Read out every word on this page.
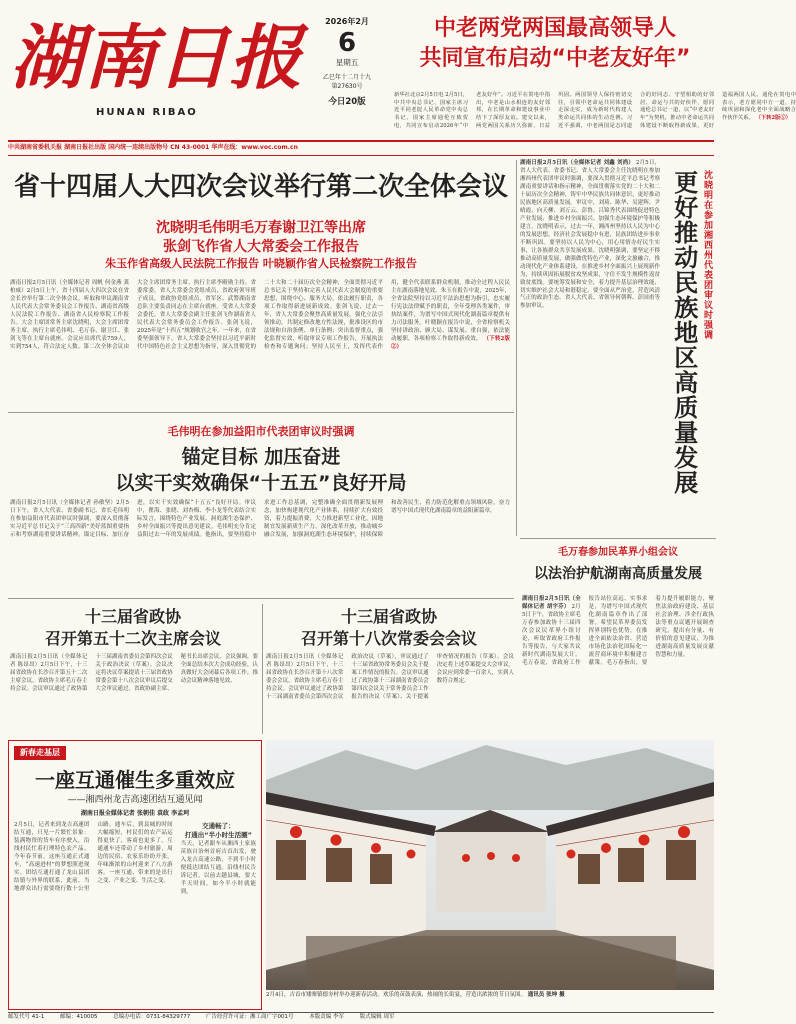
湖南日报
HUNAN RIBAO
2026年2月
6
星期五
乙巳年十二月十九
第27630号
今日20版
中老两党两国最高领导人
共同宣布启动“中老友好年”
新华社北京2月5日电 2月5日，中共中央总书记、国家主席习近平同老挝人民革命党中央总书记、国家主席通伦互致贺电，共同宣布启动2026年“中老友好年”。习近平在贺电中指出，中老是山水相连的友好邻邦，在长期革命和建设事业中结下了深厚友谊。建交以来，两党两国关系历久弥新、日益巩固。两国领导人保持密切交往，引领中老命运共同体建设走深走实，成为新时代构建人类命运共同体的生动范例。习近平强调，中老两国是志同道合的好同志、守望相助的好邻居、命运与共的好伙伴，愿同通伦总书记一道，以“中老友好年”为契机，推动中老命运共同体建设不断取得新成果，更好造福两国人民。通伦在贺电中表示，老方愿同中方一道，持续巩固和深化老中全面战略合作伙伴关系。 （下转2版①）
中共湖南省委机关报 湖南日报社出版 国内统一连续出版物号 CN 43-0001 华声在线：www.voc.com.cn
省十四届人大四次会议举行第二次全体会议
沈晓明毛伟明毛万春谢卫江等出席
张剑飞作省人大常委会工作报告
朱玉作省高级人民法院工作报告 叶晓颖作省人民检察院工作报告
湖南日报2月5日讯（全媒体记者 周帆 何金燕 龚柏威）2月5日上午，省十四届人大四次会议在省会长沙举行第二次全体会议，听取和审议湖南省人民代表大会常务委员会工作报告、湖南省高级人民法院工作报告、湖南省人民检察院工作报告。大会主席团常务主席沈晓明，大会主席团常务主席、执行主席毛伟明、毛万春、谢卫江、张剑飞等在主席台就座。会议应出席代表759人，实到754人，符合法定人数。第二次全体会议由大会主席团常务主席、执行主席李殿勋主持。省委常委，省人大常委会党组成员，省政府领导班子成员，省政协党组成员，省军区、武警湖南省总队主要负责同志在主席台就座。受省人大常委会委托，省人大常委会副主任张剑飞作湖南省人民代表大会常务委员会工作报告。张剑飞说，2025年是“十四五”规划收官之年。一年来，在省委坚强领导下，省人大常委会坚持以习近平新时代中国特色社会主义思想为指导，深入贯彻党的二十大和二十届历次全会精神，全面贯彻习近平总书记关于坚持和完善人民代表大会制度的重要思想，围绕中心、服务大局，依法履行职责，各项工作取得新进展新成效。张剑飞说，过去一年，省人大常委会聚焦高质量发展，强化立法引领推动，共制定修改地方性法规，批准设区的市法规和自治条例、单行条例；突出监督重点，强化监督实效，听取审议专项工作报告，开展执法检查和专题询问；坚持人民至上，发挥代表作用，健全代表联系群众机制，推动全过程人民民主在湖南落地见效。朱玉在报告中说，2025年，全省法院坚持以习近平法治思想为指引，忠实履行宪法法律赋予的职责，全年受理各类案件，审执结案件，为谱写中国式现代化湖南篇章提供有力司法服务。叶晓颖在报告中说，全省检察机关坚持讲政治、顾大局、谋发展、重自强，依法能动履职，各项检察工作取得新成效。 （下转2版②）
沈晓明在参加湘西州代表团审议时强调
更好推动民族地区高质量发展
湖南日报2月5日讯（全媒体记者 刘鑫 刘尚） 2月5日，省人大代表、省委书记、省人大常委会主任沈晓明在参加湘西州代表团审议时强调，要深入贯彻习近平总书记考察湖南重要讲话和指示精神，全面贯彻落实党的二十大和二十届历次全会精神，铸牢中华民族共同体意识，更好推动民族地区高质量发展。审议中，刘琦、陈华、吴建辉、尹晴霞、向天柳、刘万云、彭鲁、吕锦秀代表围绕促进特色产业发展、推进乡村全面振兴、加强生态环境保护等积极建言。沈晓明表示，过去一年，湘西州坚持以人民为中心的发展思想，经济社会发展稳中有进，民族团结进步事业不断巩固。要坚持以人民为中心，用心用情办好民生实事，让各族群众共享发展成果。沈晓明强调，要坚定不移推动高质量发展，做强做优特色产业，深化文旅融合，推动现代化产业体系建设，在推进乡村全面振兴上展现新作为，持续巩固拓展脱贫攻坚成果，守住不发生规模性返贫致贫底线。要统筹发展和安全，着力提升基层治理效能，切实维护社会大局和谐稳定。要全面从严治党，营造风清气正的政治生态。省人大代表、省领导何朝晖、彭国甫等参加审议。
毛伟明在参加益阳市代表团审议时强调
锚定目标 加压奋进
以实干实效确保“十五五”良好开局
湖南日报2月5日讯（全媒体记者 孙敏坚）2月5日下午，省人大代表、省委副书记、省长毛伟明在参加益阳市代表团审议时强调，要深入贯彻落实习近平总书记关于“三高四新”美好蓝图重要指示和考察湖南重要讲话精神，锚定目标、加压奋进，以实干实效确保“十五五”良好开局。审议中，瞿海、张晓、刘杏梅、李小龙等代表结合实际发言，围绕特色产业发展、洞庭湖生态保护、乡村全面振兴等提出意见建议。毛伟明充分肯定益阳过去一年的发展成绩。他指出，要坚持稳中求进工作总基调，完整准确全面贯彻新发展理念，加快构建现代化产业体系，持续扩大有效投资，着力提振消费，大力推进新型工业化，因地制宜发展新质生产力，深化改革开放，推动城乡融合发展，加强洞庭湖生态环境保护，持续保障和改善民生，着力防范化解重点领域风险，奋力谱写中国式现代化湖南篇章的益阳新篇章。
毛万春参加民革界小组会议
以法治护航湖南高质量发展
湖南日报2月5日讯（全媒体记者 胡宇芬） 2月5日下午，省政协主席毛万春参加政协十三届四次会议民革界小组讨论，听取省政府工作报告等报告，与大家共议新时代湖南发展大计。毛万春说，省政府工作报告站位高远、实事求是，为谱写中国式现代化湖南篇章作出了部署。希望民革界委员发挥界别特色优势，在推进全面依法治省、营造市场化法治化国际化一流营商环境中积极建言献策。毛万春指出，要着力提升履职能力，聚焦法治政府建设、基层社会治理、涉企行政执法等重点议题开展调查研究，提出有分量、有价值的意见建议，为推进湖南高质量发展贡献智慧和力量。
十三届省政协
召开第五十二次主席会议
湖南日报2月5日讯（全媒体记者 陈昂昂）2月5日下午，十三届省政协在长沙召开第五十二次主席会议，省政协主席毛万春主持会议。会议审议通过了政协第十三届湖南省委员会第四次会议关于政治决议（草案）。会议决定将决议草案提请十三届省政协常委会第十八次会议审议后提交大会审议通过。省政协副主席、秘书长出席会议。会议强调，要全面总结本次大会成功经验，认真做好大会闭幕后各项工作，推动会议精神落地见效。
十三届省政协
召开第十八次常委会会议
湖南日报2月5日讯（全媒体记者 陈昂昂）2月5日下午，十三届省政协在长沙召开第十八次常委会会议，省政协主席毛万春主持会议。会议审议通过了政协第十三届湖南省委员会第四次会议政治决议（草案），审议通过了十三届省政协常务委员会关于提案工作情况的报告。会议审议通过了政协第十三届湖南省委员会第四次会议关于常务委员会工作报告的决议（草案）、关于提案审查情况的报告（草案）。会议决定将上述草案提交大会审议。会议应到常委一百余人，实到人数符合规定。
新春走基层
一座互通催生多重效应
——湘西州龙吉高速团结互通见闻
湖南日报全媒体记者 张朝佳 袁政 李孟珂
2月5日，记者来到龙吉高速团结互通，只见一片繁忙景象：装满物资的货车有序驶入，沿线村民忙着打理特色农产品。今年春节前，这座互通正式通车，“高速进村”的梦想照进现实。团结互通打通了龙山县团结镇与外界的联系，此前，当地群众出行需要绕行数十公里山路。通车后，到县城的时间大幅缩短，村民们的农产品运得更快了，客商也更多了。互通通车还带动了乡村旅游，周边的民宿、农家乐纷纷开张，年味渐浓的山村迎来了八方游客。一座互通，带来的是出行之变、产业之变、生活之变。
交通畅了：
打通出“半小时生活圈”
当天，记者跟车从湘西土家族苗族自治州首府吉首出发，驶入龙吉高速公路，不到半小时便抵达团结互通。沿线村民告诉记者，以前去趟县城，要大半天时间，如今半小时就能到。
2月4日，吉首市矮寨镇德夯村举办迎新春活动。欢乐的苗鼓表演、热闹的长街宴，营造出浓浓的节日氛围。 通讯员 张坤 摄
邮发代号 41-1	邮编：410005	总编办电话：0731-84329777	广告经营许可证：湘工商广字001号	本版责编 李军	版式编辑 周军
